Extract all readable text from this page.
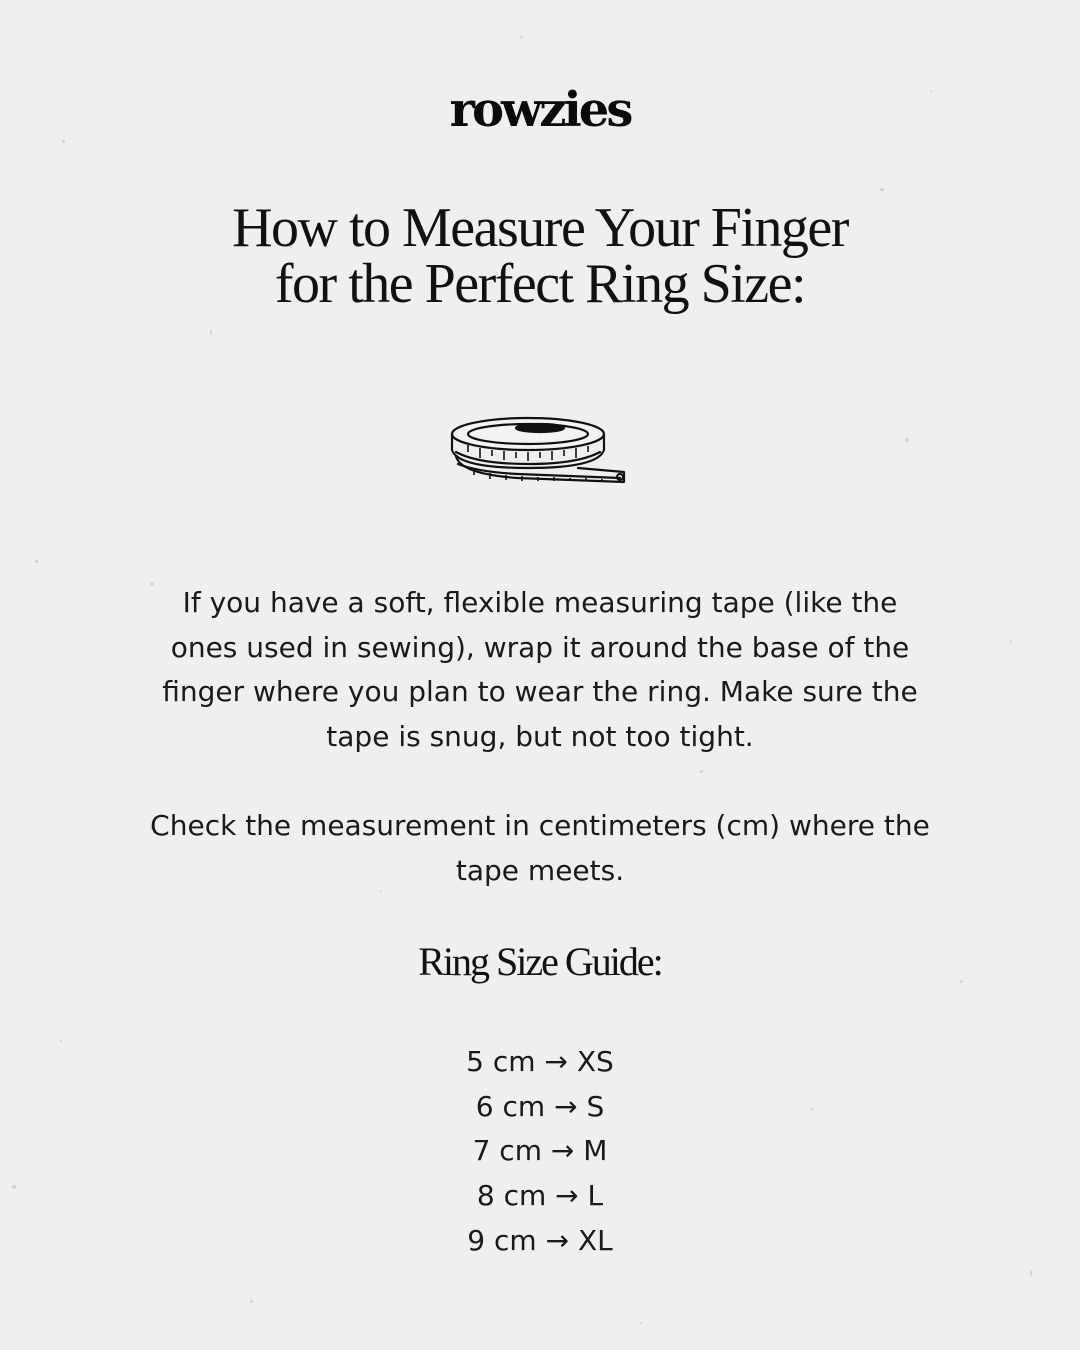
rowzies
How to Measure Your Finger
for the Perfect Ring Size:

If you have a soft, flexible measuring tape (like the ones used in sewing), wrap it around the base of the finger where you plan to wear the ring. Make sure the tape is snug, but not too tight.

Check the measurement in centimeters (cm) where the tape meets.

Ring Size Guide:
5 cm → XS
6 cm → S
7 cm → M
8 cm → L
9 cm → XL
